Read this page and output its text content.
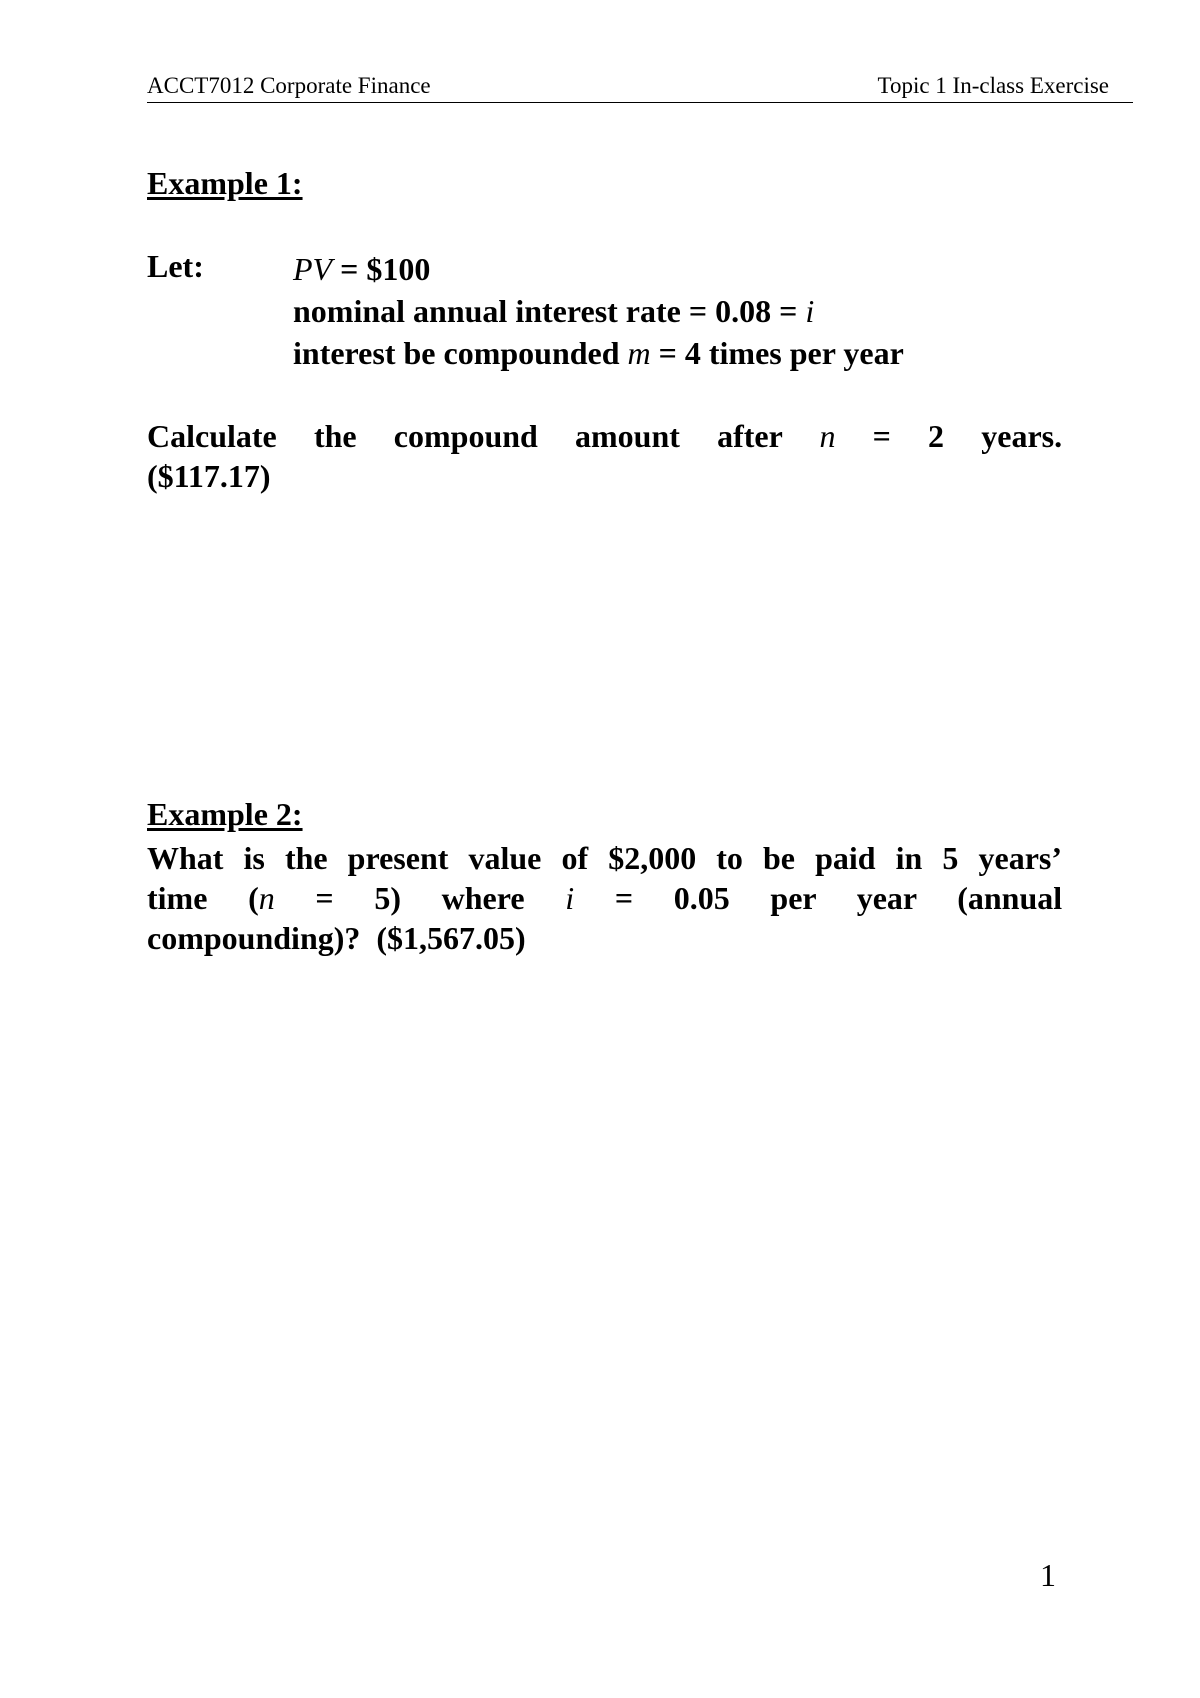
ACCT7012 Corporate Finance	Topic 1 In-class Exercise
Example 1:
Let:	PV = $100
nominal annual interest rate = 0.08 = i
interest be compounded m = 4 times per year
Calculate the compound amount after n = 2 years.
($117.17)
Example 2:
What is the present value of $2,000 to be paid in 5 years’
time (n = 5) where i = 0.05 per year (annual
compounding)?  ($1,567.05)
1
